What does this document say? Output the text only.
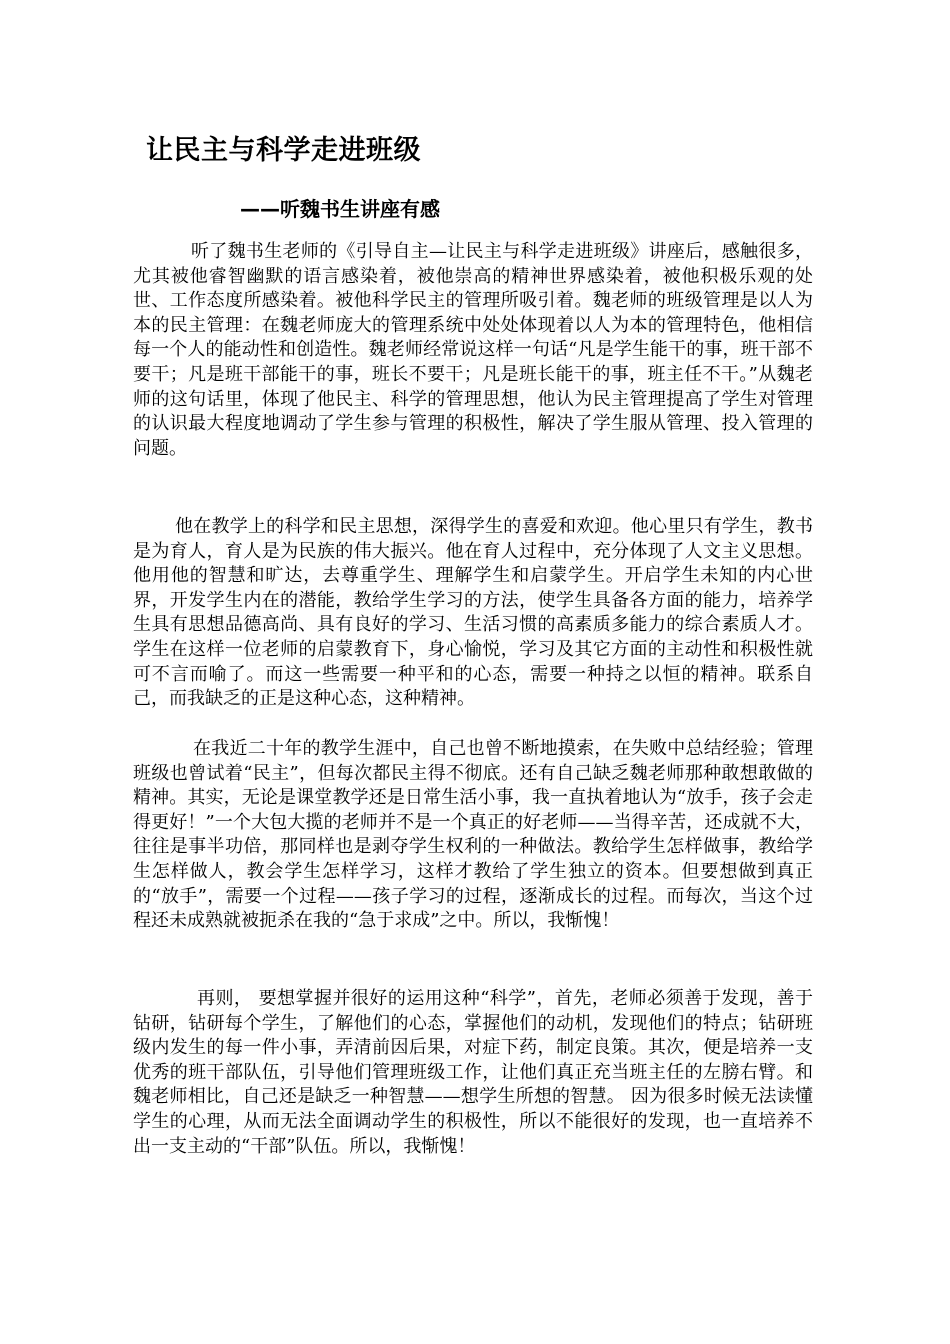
让民主与科学走进班级
——听魏书生讲座有感

听了魏书生老师的《引导自主—让民主与科学走进班级》讲座后，感触很多，尤其被他睿智幽默的语言感染着，被他崇高的精神世界感染着，被他积极乐观的处世、工作态度所感染着。被他科学民主的管理所吸引着。魏老师的班级管理是以人为本的民主管理：在魏老师庞大的管理系统中处处体现着以人为本的管理特色，他相信每一个人的能动性和创造性。魏老师经常说这样一句话“凡是学生能干的事，班干部不要干；凡是班干部能干的事，班长不要干；凡是班长能干的事，班主任不干。”从魏老师的这句话里，体现了他民主、科学的管理思想，他认为民主管理提高了学生对管理的认识最大程度地调动了学生参与管理的积极性，解决了学生服从管理、投入管理的问题。

他在教学上的科学和民主思想，深得学生的喜爱和欢迎。他心里只有学生，教书是为育人，育人是为民族的伟大振兴。他在育人过程中，充分体现了人文主义思想。他用他的智慧和旷达，去尊重学生、理解学生和启蒙学生。开启学生未知的内心世界，开发学生内在的潜能，教给学生学习的方法，使学生具备各方面的能力，培养学生具有思想品德高尚、具有良好的学习、生活习惯的高素质多能力的综合素质人才。学生在这样一位老师的启蒙教育下，身心愉悦，学习及其它方面的主动性和积极性就可不言而喻了。而这一些需要一种平和的心态，需要一种持之以恒的精神。联系自己，而我缺乏的正是这种心态，这种精神。

在我近二十年的教学生涯中，自己也曾不断地摸索，在失败中总结经验；管理班级也曾试着“民主”，但每次都民主得不彻底。还有自己缺乏魏老师那种敢想敢做的精神。其实，无论是课堂教学还是日常生活小事，我一直执着地认为“放手，孩子会走得更好！”一个大包大揽的老师并不是一个真正的好老师——当得辛苦，还成就不大，往往是事半功倍，那同样也是剥夺学生权利的一种做法。教给学生怎样做事，教给学生怎样做人，教会学生怎样学习，这样才教给了学生独立的资本。但要想做到真正的“放手”，需要一个过程——孩子学习的过程，逐渐成长的过程。而每次，当这个过程还未成熟就被扼杀在我的“急于求成”之中。所以，我惭愧！

再则， 要想掌握并很好的运用这种“科学”，首先，老师必须善于发现，善于钻研，钻研每个学生，了解他们的心态，掌握他们的动机，发现他们的特点；钻研班级内发生的每一件小事，弄清前因后果，对症下药，制定良策。其次，便是培养一支优秀的班干部队伍，引导他们管理班级工作，让他们真正充当班主任的左膀右臂。和魏老师相比，自己还是缺乏一种智慧——想学生所想的智慧。 因为很多时候无法读懂学生的心理，从而无法全面调动学生的积极性，所以不能很好的发现，也一直培养不出一支主动的“干部”队伍。所以，我惭愧！
